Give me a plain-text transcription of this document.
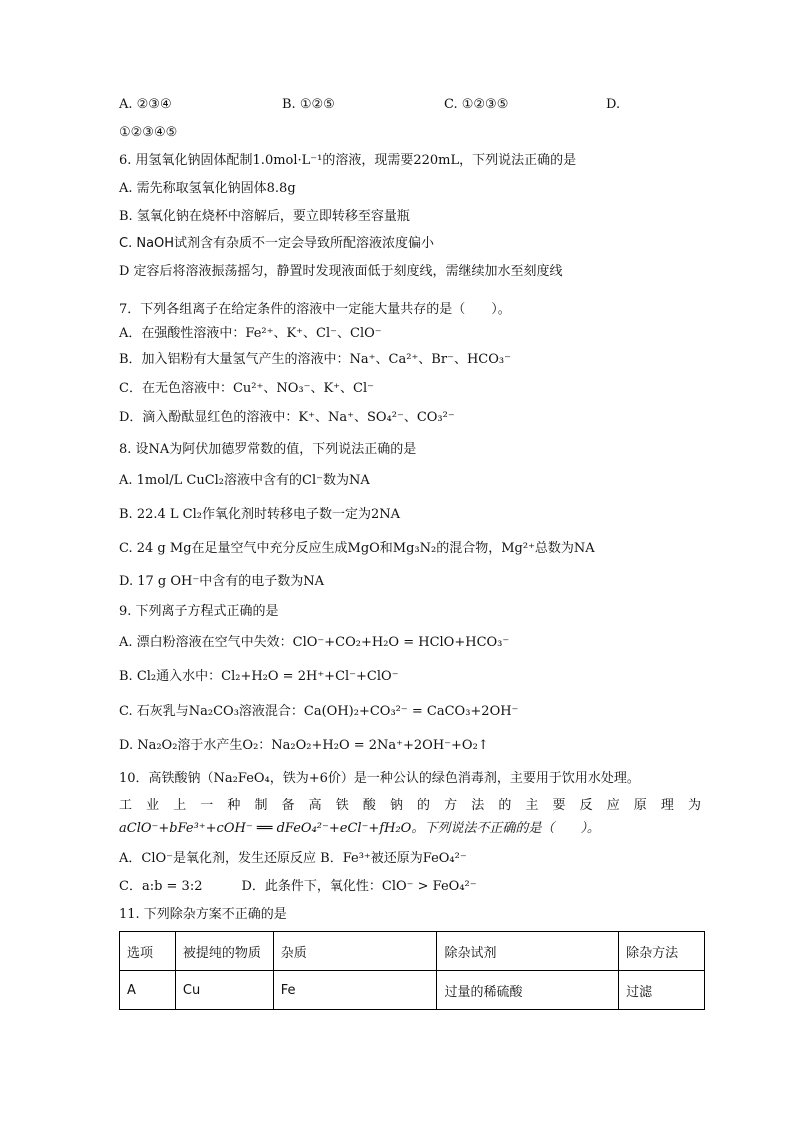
A. ②③④	B. ①②⑤	C. ①②③⑤	D.
①②③④⑤
6. 用氢氧化钠固体配制1.0mol·L⁻¹的溶液，现需要220mL，下列说法正确的是
A. 需先称取氢氧化钠固体8.8g
B. 氢氧化钠在烧杯中溶解后，要立即转移至容量瓶
C. NaOH试剂含有杂质不一定会导致所配溶液浓度偏小
D 定容后将溶液振荡摇匀，静置时发现液面低于刻度线，需继续加水至刻度线
7．下列各组离子在给定条件的溶液中一定能大量共存的是（　　）。
A．在强酸性溶液中：Fe²⁺、K⁺、Cl⁻、ClO⁻
B．加入铝粉有大量氢气产生的溶液中：Na⁺、Ca²⁺、Br⁻、HCO₃⁻
C．在无色溶液中：Cu²⁺、NO₃⁻、K⁺、Cl⁻
D．滴入酚酞显红色的溶液中：K⁺、Na⁺、SO₄²⁻、CO₃²⁻
8. 设NA为阿伏加德罗常数的值，下列说法正确的是
A. 1mol/L CuCl₂溶液中含有的Cl⁻数为NA
B. 22.4 L Cl₂作氧化剂时转移电子数一定为2NA
C. 24 g Mg在足量空气中充分反应生成MgO和Mg₃N₂的混合物，Mg²⁺总数为NA
D. 17 g OH⁻中含有的电子数为NA
9. 下列离子方程式正确的是
A. 漂白粉溶液在空气中失效：ClO⁻+CO₂+H₂O = HClO+HCO₃⁻
B. Cl₂通入水中：Cl₂+H₂O = 2H⁺+Cl⁻+ClO⁻
C. 石灰乳与Na₂CO₃溶液混合：Ca(OH)₂+CO₃²⁻ = CaCO₃+2OH⁻
D. Na₂O₂溶于水产生O₂：Na₂O₂+H₂O = 2Na⁺+2OH⁻+O₂↑
10．高铁酸钠（Na₂FeO₄，铁为+6价）是一种公认的绿色消毒剂，主要用于饮用水处理。
工业上一种制备高铁酸钠的方法的主要反应原理为
aClO⁻+bFe³⁺+cOH⁻ ══ dFeO₄²⁻+eCl⁻+fH₂O。下列说法不正确的是（　　）。
A．ClO⁻是氧化剂，发生还原反应 B．Fe³⁺被还原为FeO₄²⁻
C．a:b = 3:2　　　D．此条件下，氧化性：ClO⁻ > FeO₄²⁻
11. 下列除杂方案不正确的是
选项	被提纯的物质	杂质	除杂试剂	除杂方法
A	Cu	Fe	过量的稀硫酸	过滤
